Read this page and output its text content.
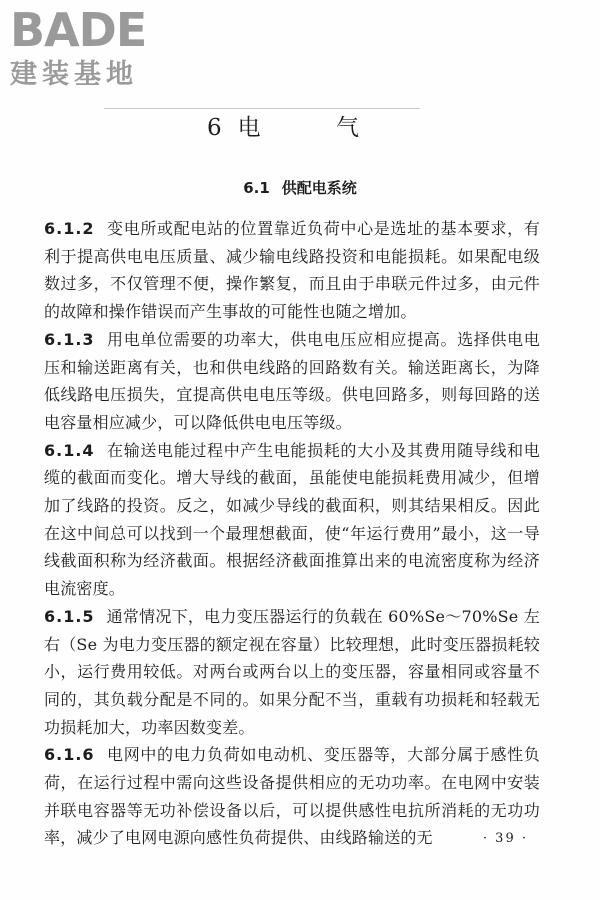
BADE
建装基地
6 电 气
6.1 供配电系统

6.1.2 变电所或配电站的位置靠近负荷中心是选址的基本要求，有利于提高供电电压质量、减少输电线路投资和电能损耗。如果配电级数过多，不仅管理不便，操作繁复，而且由于串联元件过多，由元件的故障和操作错误而产生事故的可能性也随之增加。

6.1.3 用电单位需要的功率大，供电电压应相应提高。选择供电电压和输送距离有关，也和供电线路的回路数有关。输送距离长，为降低线路电压损失，宜提高供电电压等级。供电回路多，则每回路的送电容量相应减少，可以降低供电电压等级。

6.1.4 在输送电能过程中产生电能损耗的大小及其费用随导线和电缆的截面而变化。增大导线的截面，虽能使电能损耗费用减少，但增加了线路的投资。反之，如减少导线的截面积，则其结果相反。因此在这中间总可以找到一个最理想截面，使“年运行费用”最小，这一导线截面积称为经济截面。根据经济截面推算出来的电流密度称为经济电流密度。

6.1.5 通常情况下，电力变压器运行的负载在 60%Se～70%Se 左右（Se 为电力变压器的额定视在容量）比较理想，此时变压器损耗较小，运行费用较低。对两台或两台以上的变压器，容量相同或容量不同的，其负载分配是不同的。如果分配不当，重载有功损耗和轻载无功损耗加大，功率因数变差。

6.1.6 电网中的电力负荷如电动机、变压器等，大部分属于感性负荷，在运行过程中需向这些设备提供相应的无功功率。在电网中安装并联电容器等无功补偿设备以后，可以提供感性电抗所消耗的无功功率，减少了电网电源向感性负荷提供、由线路输送的无	· 39 ·
